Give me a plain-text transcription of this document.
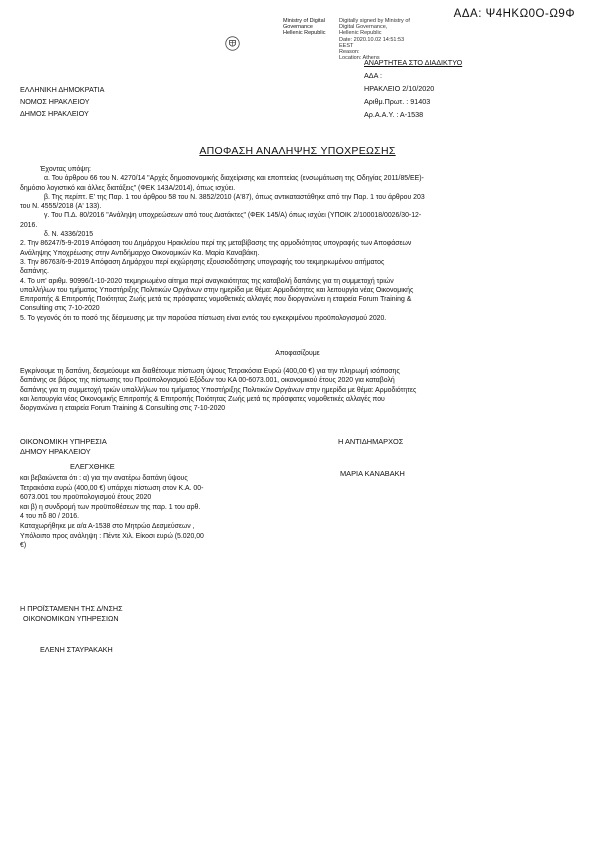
ΑΔΑ: Ψ4ΗΚΩ0Ο-Ω9Φ
Ministry of Digital
Governance
Hellenic Republic
Digitally signed by Ministry of
Digital Governance,
Hellenic Republic
Date: 2020.10.02 14:51:53
EEST
Reason:
Location: Athens
ΕΛΛΗΝΙΚΗ ΔΗΜΟΚΡΑΤΙΑ
ΝΟΜΟΣ ΗΡΑΚΛΕΙΟΥ
ΔΗΜΟΣ ΗΡΑΚΛΕΙΟΥ
ΑΝΑΡΤΗΤΕΑ ΣΤΟ ΔΙΑΔΙΚΤΥΟ
ΑΔΑ :
ΗΡΑΚΛΕΙΟ 2/10/2020
Αριθμ.Πρωτ. : 91403
Αρ.Α.Α.Υ. : Α-1538
ΑΠΟΦΑΣΗ ΑΝΑΛΗΨΗΣ ΥΠΟΧΡΕΩΣΗΣ

Έχοντας υπόψη:

α. Του άρθρου 66 του Ν. 4270/14 "Αρχές δημοσιονομικής διαχείρισης και εποπτείας (ενσωμάτωση της Οδηγίας 2011/85/ΕΕ)-

δημόσιο λογιστικό και άλλες διατάξεις" (ΦΕΚ 143Α/2014), όπως ισχύει.

β. Της περίπτ. Ε' της Παρ. 1 του άρθρου 58 του Ν. 3852/2010 (Α'87), όπως αντικαταστάθηκε από την Παρ. 1 του άρθρου 203

του Ν. 4555/2018 (Α' 133).

γ. Του Π.Δ. 80/2016 "Ανάληψη υποχρεώσεων από τους Διατάκτες" (ΦΕΚ 145/Α) όπως ισχύει (ΥΠΟΙΚ 2/100018/0026/30-12-

2016.

δ. Ν. 4336/2015

2. Την 86247/5-9-2019 Απόφαση του Δημάρχου Ηρακλείου περί της μεταβίβασης της αρμοδιότητας υπογραφής των Αποφάσεων

Ανάληψης Υποχρέωσης στην Αντιδήμαρχο Οικονομικών Κα. Μαρία Καναβάκη.

3. Την 86763/6-9-2019 Απόφαση Δημάρχου περί εκχώρησης εξουσιοδότησης υπογραφής του τεκμηριωμένου αιτήματος

δαπάνης.

4. Το υπ' αριθμ. 90996/1-10-2020 τεκμηριωμένο αίτημα περί αναγκαιότητας της καταβολή δαπάνης για τη συμμετοχή τριών

υπαλλήλων του τμήματος Υποστήριξης Πολιτικών Οργάνων στην ημερίδα με θέμα: Αρμοδιότητες και λειτουργία νέας Οικονομικής

Επιτροπής & Επιτροπής Ποιότητας Ζωής μετά τις πρόσφατες νομοθετικές αλλαγές που διοργανώνει η εταιρεία Forum Training &

Consulting στις 7-10-2020

5. Το γεγονός ότι το ποσό της δέσμευσης με την παρούσα πίστωση είναι εντός του εγκεκριμένου προϋπολογισμού 2020.

Αποφασίζουμε
Εγκρίνουμε τη δαπάνη, δεσμεύουμε και διαθέτουμε πίστωση ύψους Τετρακόσια Ευρώ (400,00 €) για την πληρωμή ισόποσης
δαπάνης σε βάρος της πίστωσης του Προϋπολογισμού Εξόδων του ΚΑ 00-6073.001, οικονομικού έτους 2020 για καταβολή
δαπάνης για τη συμμετοχή τριών υπαλλήλων του τμήματος Υποστήριξης Πολιτικών Οργάνων στην ημερίδα με θέμα: Αρμοδιότητες
και λειτουργία νέας Οικονομικής Επιτροπής & Επιτροπής Ποιότητας Ζωής μετά τις πρόσφατες νομοθετικές αλλαγές που
διοργανώνει η εταιρεία Forum Training & Consulting στις 7-10-2020
ΟΙΚΟΝΟΜΙΚΗ ΥΠΗΡΕΣΙΑ
ΔΗΜΟΥ ΗΡΑΚΛΕΙΟΥ
ΕΛΕΓΧΘΗΚΕ

και βεβαιώνεται ότι : α) για την ανατέρω δαπάνη ύψους

Τετρακόσια ευρώ (400,00 €) υπάρχει πίστωση στον Κ.Α. 00-

6073.001 του προϋπολογισμού έτους 2020

και β) η συνδρομή των προϋποθέσεων της παρ. 1 του αρθ.

4 του πδ 80 / 2016.

Καταχωρήθηκε με α/α Α-1538 στο Μητρώο Δεσμεύσεων ,

Υπόλοιπο προς ανάληψη : Πέντε Χιλ. Είκοσι ευρώ (5.020,00

€)

Η ΑΝΤΙΔΗΜΑΡΧΟΣ
ΜΑΡΙΑ ΚΑΝΑΒΑΚΗ
Η ΠΡΟΪΣΤΑΜΕΝΗ ΤΗΣ Δ/ΝΣΗΣ
ΟΙΚΟΝΟΜΙΚΩΝ ΥΠΗΡΕΣΙΩΝ
ΕΛΕΝΗ ΣΤΑΥΡΑΚΑΚΗ
